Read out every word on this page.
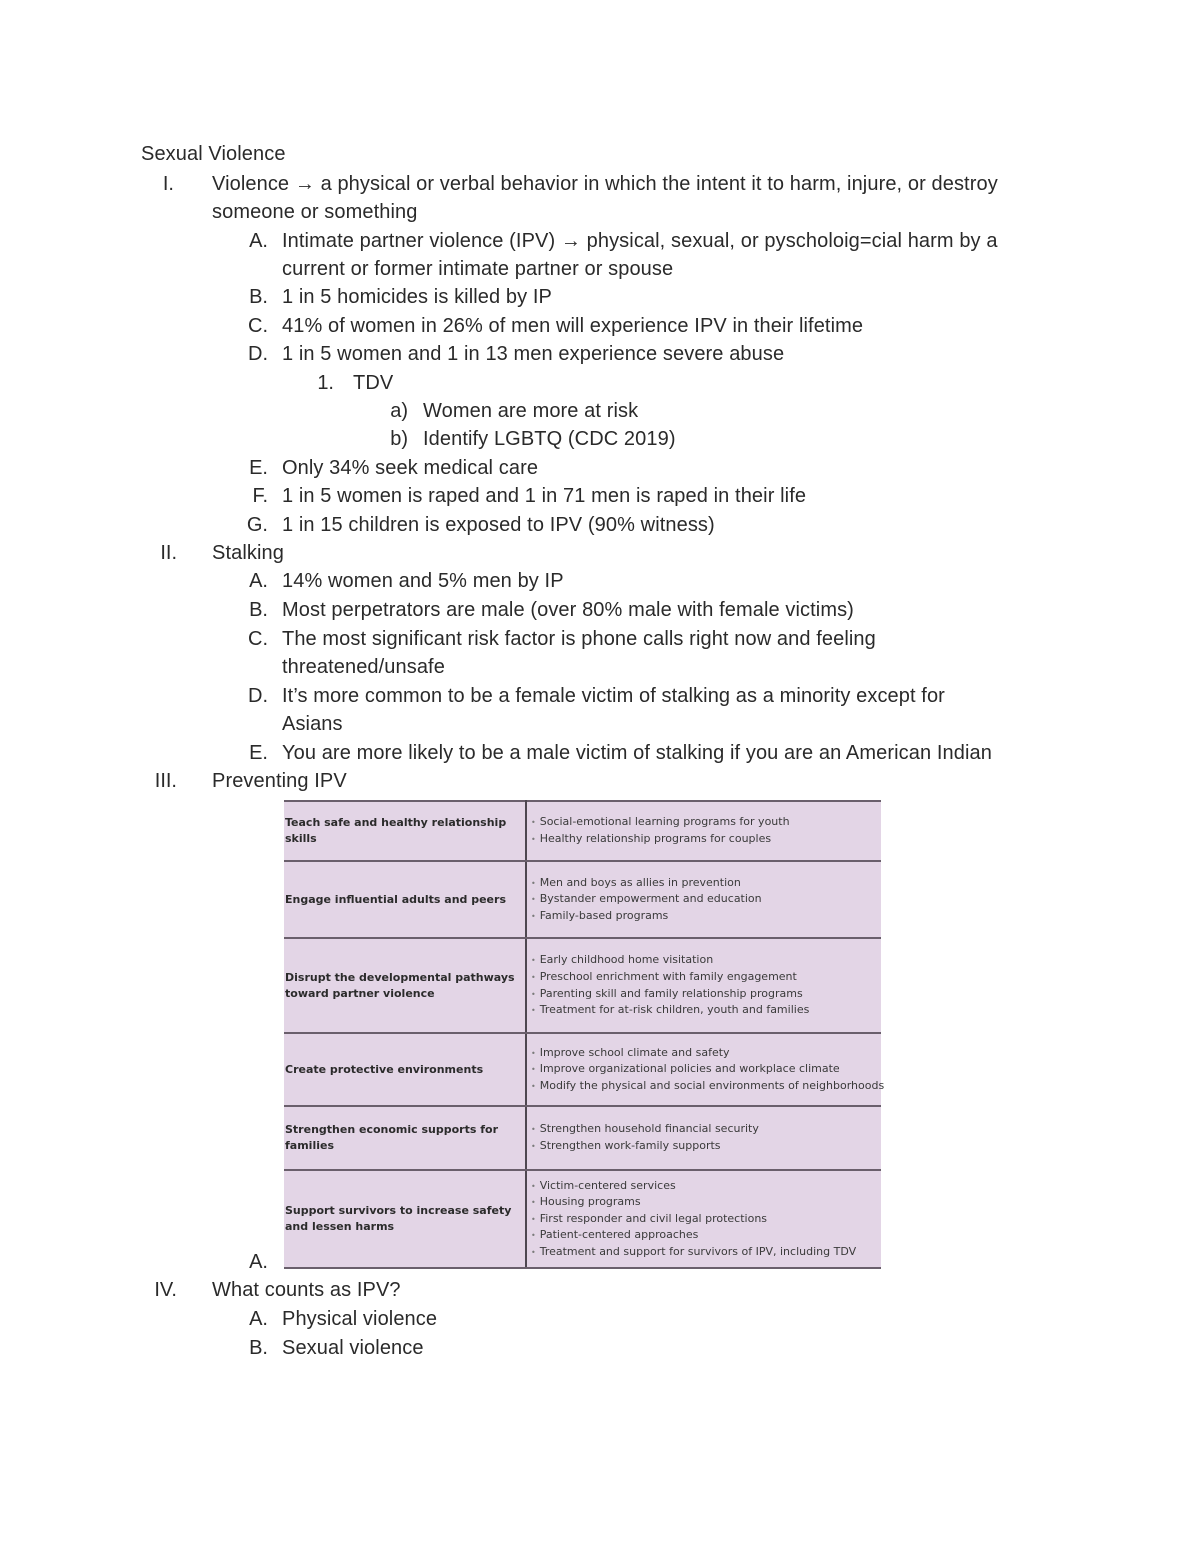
Sexual Violence
I. Violence → a physical or verbal behavior in which the intent it to harm, injure, or destroy
someone or something
A. Intimate partner violence (IPV) → physical, sexual, or pyscholoig=cial harm by a
current or former intimate partner or spouse
B. 1 in 5 homicides is killed by IP
C. 41% of women in 26% of men will experience IPV in their lifetime
D. 1 in 5 women and 1 in 13 men experience severe abuse
1. TDV
a) Women are more at risk
b) Identify LGBTQ (CDC 2019)
E. Only 34% seek medical care
F. 1 in 5 women is raped and 1 in 71 men is raped in their life
G. 1 in 15 children is exposed to IPV (90% witness)
II. Stalking
A. 14% women and 5% men by IP
B. Most perpetrators are male (over 80% male with female victims)
C. The most significant risk factor is phone calls right now and feeling
threatened/unsafe
D. It’s more common to be a female victim of stalking as a minority except for
Asians
E. You are more likely to be a male victim of stalking if you are an American Indian
III. Preventing IPV
Teach safe and healthy relationship skills	• Social-emotional learning programs for youth
• Healthy relationship programs for couples

Engage influential adults and peers	• Men and boys as allies in prevention
• Bystander empowerment and education
• Family-based programs

Disrupt the developmental pathways toward partner violence	• Early childhood home visitation
• Preschool enrichment with family engagement
• Parenting skill and family relationship programs
• Treatment for at-risk children, youth and families

Create protective environments	• Improve school climate and safety
• Improve organizational policies and workplace climate
• Modify the physical and social environments of neighborhoods

Strengthen economic supports for families	• Strengthen household financial security
• Strengthen work-family supports

Support survivors to increase safety and lessen harms	• Victim-centered services
• Housing programs
• First responder and civil legal protections
• Patient-centered approaches
• Treatment and support for survivors of IPV, including TDV
A.
IV. What counts as IPV?
A. Physical violence
B. Sexual violence
